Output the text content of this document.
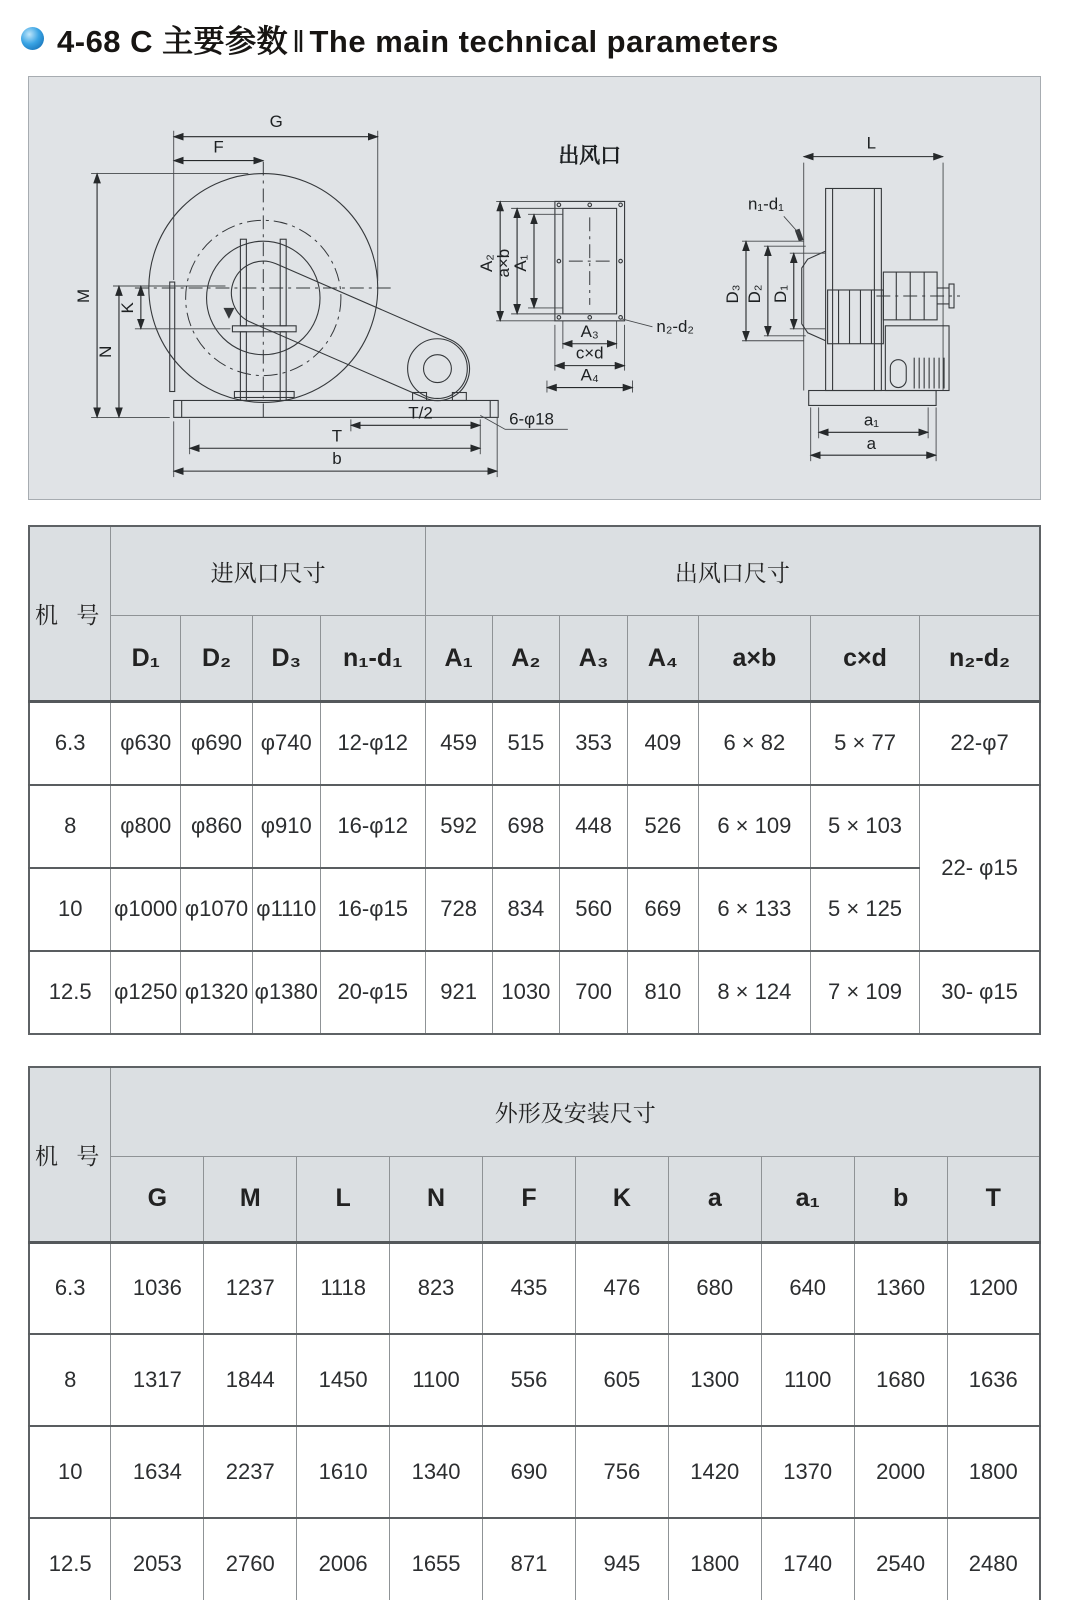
4-68 C 主要参数 ‖ The main technical parameters
G
F
M
N
K
T/2
T
b
6-φ18
出风口
A₂
a×b
A₁
A₃
c×d
A₄
n₂-d₂
L
n₁-d₁
D₃ D₂ D₁
a₁
a
机 号	进风口尺寸				出风口尺寸						
	D₁	D₂	D₃	n₁-d₁	A₁	A₂	A₃	A₄	a×b	c×d	n₂-d₂
6.3	φ630	φ690	φ740	12-φ12	459	515	353	409	6 × 82	5 × 77	22-φ7
8	φ800	φ860	φ910	16-φ12	592	698	448	526	6 × 109	5 × 103	22- φ15
10	φ1000	φ1070	φ1110	16-φ15	728	834	560	669	6 × 133	5 × 125	
12.5	φ1250	φ1320	φ1380	20-φ15	921	1030	700	810	8 × 124	7 × 109	30- φ15
机 号	外形及安装尺寸									
	G	M	L	N	F	K	a	a₁	b	T
6.3	1036	1237	1118	823	435	476	680	640	1360	1200
8	1317	1844	1450	1100	556	605	1300	1100	1680	1636
10	1634	2237	1610	1340	690	756	1420	1370	2000	1800
12.5	2053	2760	2006	1655	871	945	1800	1740	2540	2480
